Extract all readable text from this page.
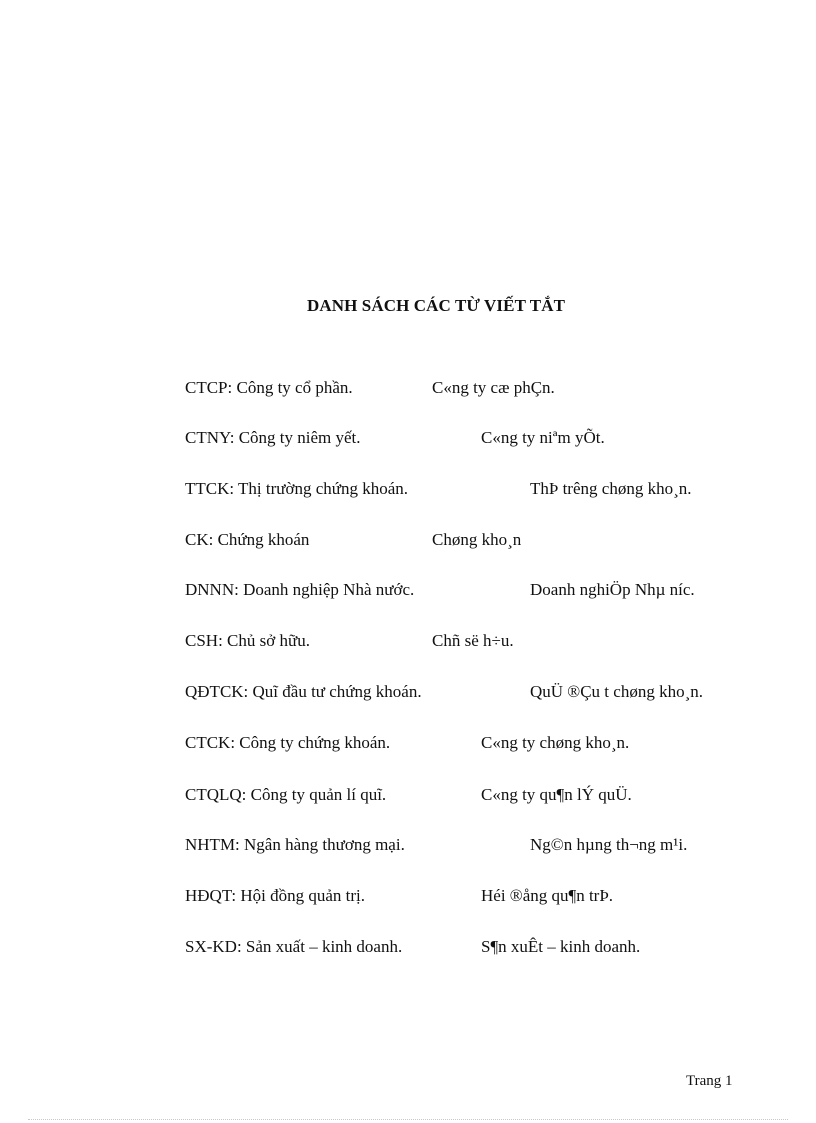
DANH SÁCH CÁC TỪ VIẾT TẮT
CTCP: Công ty cổ phần.	C«ng ty cæ phÇn.
CTNY: Công ty niêm yết.	C«ng ty niªm yÕt.
TTCK: Thị trường chứng khoán.	ThÞ trêng chøng kho¸n.
CK: Chứng khoán	Chøng kho¸n
DNNN: Doanh nghiệp Nhà nước.	Doanh nghiÖp Nhµ níc.
CSH: Chủ sở hữu.	Chñ së h÷u.
QĐTCK: Quĩ đầu tư chứng khoán.	QuÜ ®Çu t chøng kho¸n.
CTCK: Công ty chứng khoán.	C«ng ty chøng kho¸n.
CTQLQ: Công ty quản lí quĩ.	C«ng ty qu¶n lÝ quÜ.
NHTM: Ngân hàng thương mại.	Ng©n hµng th¬ng m¹i.
HĐQT: Hội đồng quản trị.	Héi ®ång qu¶n trÞ.
SX-KD: Sản xuất – kinh doanh.	S¶n xuÊt – kinh doanh.
Trang 1
